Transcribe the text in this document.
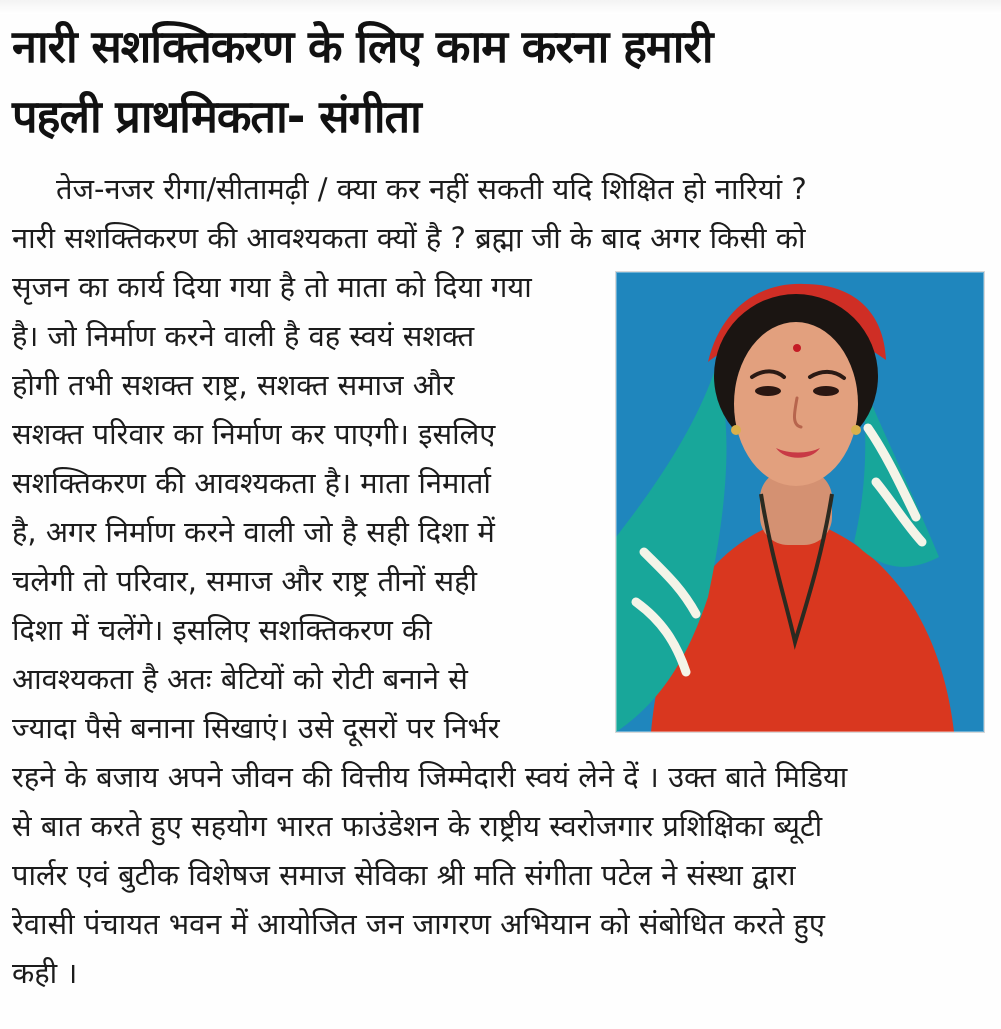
नारी सशक्तिकरण के लिए काम करना हमारी
पहली प्राथमिकता- संगीता
तेज-नजर रीगा/सीतामढ़ी / क्या कर नहीं सकती यदि शिक्षित हो नारियां ?
नारी सशक्तिकरण की आवश्यकता क्यों है ? ब्रह्मा जी के बाद अगर किसी को
सृजन का कार्य दिया गया है तो माता को दिया गया
है। जो निर्माण करने वाली है वह स्वयं सशक्त
होगी तभी सशक्त राष्ट्र, सशक्त समाज और
सशक्त परिवार का निर्माण कर पाएगी। इसलिए
सशक्तिकरण की आवश्यकता है। माता निमार्ता
है, अगर निर्माण करने वाली जो है सही दिशा में
चलेगी तो परिवार, समाज और राष्ट्र तीनों सही
दिशा में चलेंगे। इसलिए सशक्तिकरण की
आवश्यकता है अतः बेटियों को रोटी बनाने से
ज्यादा पैसे बनाना सिखाएं। उसे दूसरों पर निर्भर
रहने के बजाय अपने जीवन की वित्तीय जिम्मेदारी स्वयं लेने दें । उक्त बाते मिडिया
से बात करते हुए सहयोग भारत फाउंडेशन के राष्ट्रीय स्वरोजगार प्रशिक्षिका ब्यूटी
पार्लर एवं बुटीक विशेषज समाज सेविका श्री मति संगीता पटेल ने संस्था द्वारा
रेवासी पंचायत भवन में आयोजित जन जागरण अभियान को संबोधित करते हुए
कही ।
